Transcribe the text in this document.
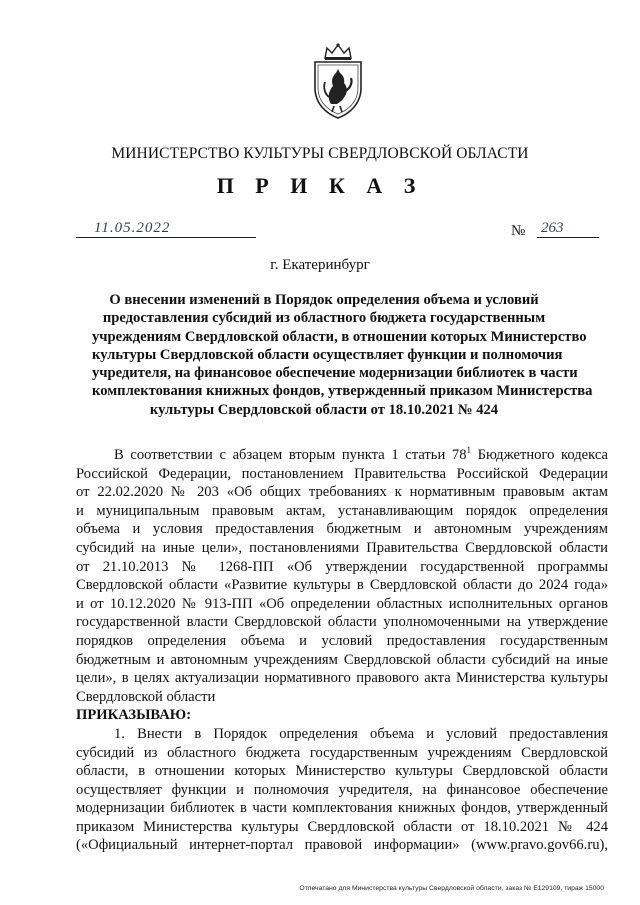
МИНИСТЕРСТВО КУЛЬТУРЫ СВЕРДЛОВСКОЙ ОБЛАСТИ
П Р И К А З
11.05.2022	№ 263
г. Екатеринбург
О внесении изменений в Порядок определения объема и условий
предоставления субсидий из областного бюджета государственным
учреждениям Свердловской области, в отношении которых Министерство
культуры Свердловской области осуществляет функции и полномочия
учредителя, на финансовое обеспечение модернизации библиотек в части
комплектования книжных фондов, утвержденный приказом Министерства
культуры Свердловской области от 18.10.2021 № 424
В соответствии с абзацем вторым пункта 1 статьи $78^1$ Бюджетного кодекса
Российской Федерации, постановлением Правительства Российской Федерации
от 22.02.2020 № 203 «Об общих требованиях к нормативным правовым актам
и муниципальным правовым актам, устанавливающим порядок определения
объема и условия предоставления бюджетным и автономным учреждениям
субсидий на иные цели», постановлениями Правительства Свердловской области
от 21.10.2013 № 1268-ПП «Об утверждении государственной программы
Свердловской области «Развитие культуры в Свердловской области до 2024 года»
и от 10.12.2020 № 913-ПП «Об определении областных исполнительных органов
государственной власти Свердловской области уполномоченными на утверждение
порядков определения объема и условий предоставления государственным
бюджетным и автономным учреждениям Свердловской области субсидий на иные
цели», в целях актуализации нормативного правового акта Министерства культуры
Свердловской области
ПРИКАЗЫВАЮ:
1. Внести в Порядок определения объема и условий предоставления
субсидий из областного бюджета государственным учреждениям Свердловской
области, в отношении которых Министерство культуры Свердловской области
осуществляет функции и полномочия учредителя, на финансовое обеспечение
модернизации библиотек в части комплектования книжных фондов, утвержденный
приказом Министерства культуры Свердловской области от 18.10.2021 № 424
(«Официальный интернет-портал правовой информации» (www.pravo.gov66.ru),
Отпечатано для Министерства культуры Свердловской области, заказ № Е129109, тираж 15000
